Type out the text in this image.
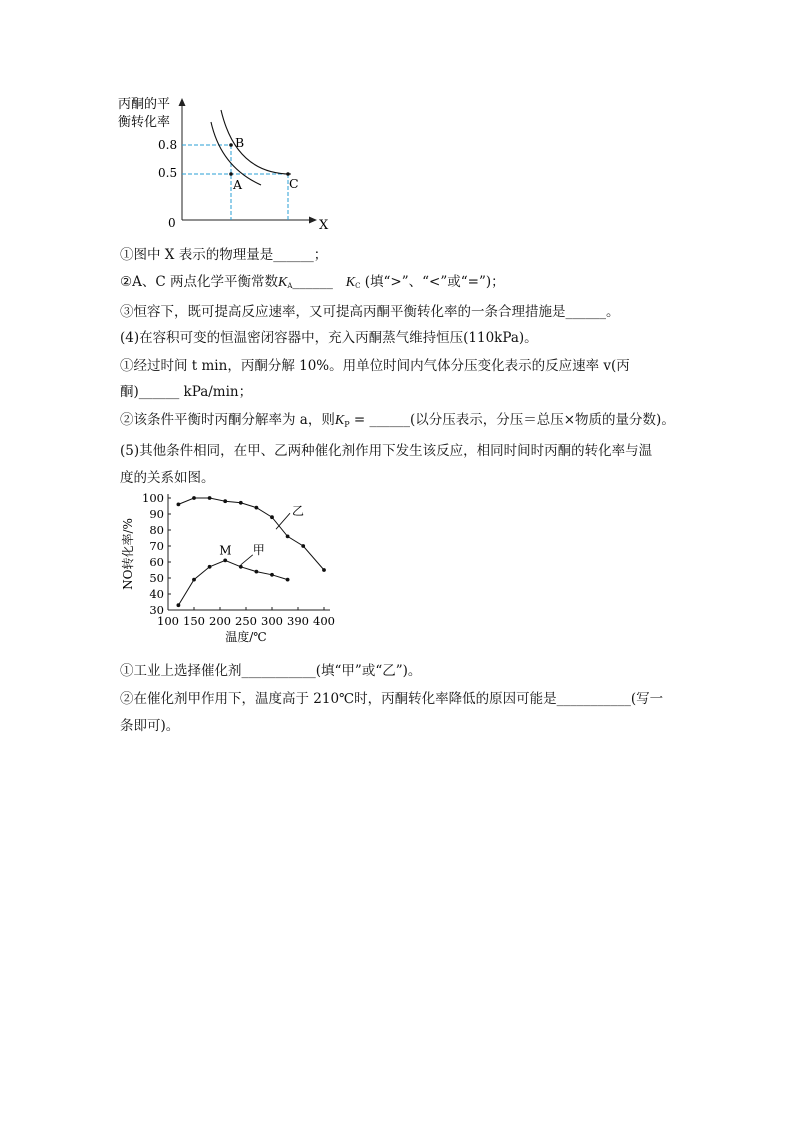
丙酮的平
衡转化率
0.8
0.5
0	X
B
A	C
①图中 X 表示的物理量是______；
②A、C 两点化学平衡常数$K_A\_\_\_\_\_\_$ $K_C$ (填“>”、“<”或“=”)；
③恒容下，既可提高反应速率，又可提高丙酮平衡转化率的一条合理措施是______。
(4)在容积可变的恒温密闭容器中，充入丙酮蒸气维持恒压(110kPa)。
①经过时间 t min，丙酮分解 10%。用单位时间内气体分压变化表示的反应速率 v(丙
酮)______ kPa/min；
②该条件平衡时丙酮分解率为 a，则$K_P$ = ______(以分压表示，分压＝总压×物质的量分数)。
(5)其他条件相同，在甲、乙两种催化剂作用下发生该反应，相同时间时丙酮的转化率与温
度的关系如图。
30
40
50
60
70
80
90
100
100 150 200 250 300 390 400
NO转化率/%
温度/℃
M
乙
甲
①工业上选择催化剂___________(填“甲”或“乙”)。
②在催化剂甲作用下，温度高于 210℃时，丙酮转化率降低的原因可能是___________(写一
条即可)。
